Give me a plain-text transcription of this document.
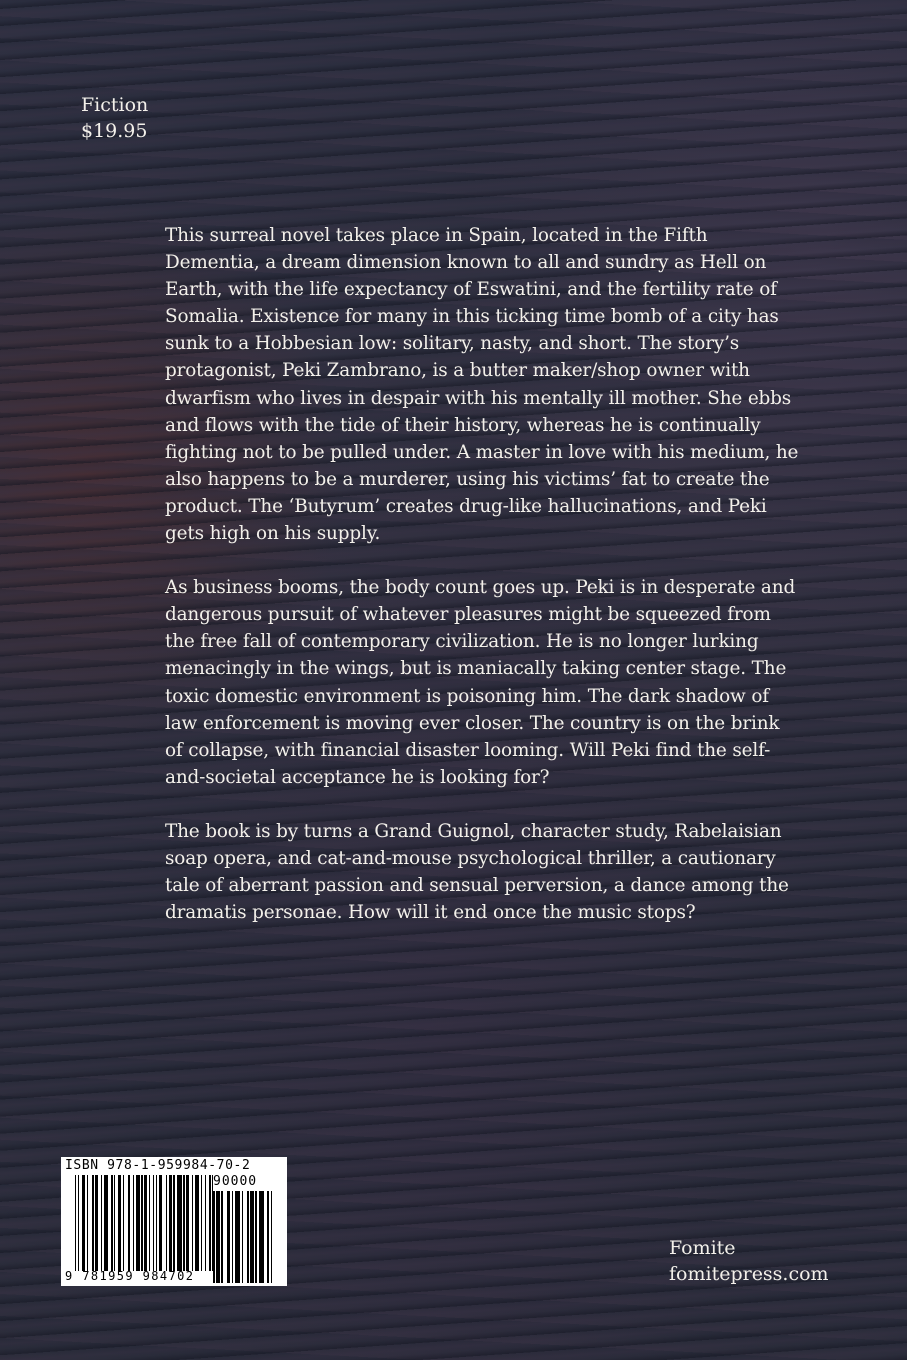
Fiction
$19.95

This surreal novel takes place in Spain, located in the Fifth Dementia, a dream dimension known to all and sundry as Hell on Earth, with the life expectancy of Eswatini, and the fertility rate of Somalia. Existence for many in this ticking time bomb of a city has sunk to a Hobbesian low: solitary, nasty, and short. The story’s protagonist, Peki Zambrano, is a butter maker/shop owner with dwarfism who lives in despair with his mentally ill mother. She ebbs and flows with the tide of their history, whereas he is continually fighting not to be pulled under. A master in love with his medium, he also happens to be a murderer, using his victims’ fat to create the product. The ‘Butyrum’ creates drug-like hallucinations, and Peki gets high on his supply.

As business booms, the body count goes up. Peki is in desperate and dangerous pursuit of whatever pleasures might be squeezed from the free fall of contemporary civilization. He is no longer lurking menacingly in the wings, but is maniacally taking center stage. The toxic domestic environment is poisoning him. The dark shadow of law enforcement is moving ever closer. The country is on the brink of collapse, with financial disaster looming. Will Peki find the self-and-societal acceptance he is looking for?

The book is by turns a Grand Guignol, character study, Rabelaisian soap opera, and cat-and-mouse psychological thriller, a cautionary tale of aberrant passion and sensual perversion, a dance among the dramatis personae. How will it end once the music stops?

ISBN 978-1-959984-70-2
90000
9 781959 984702
Fomite
fomitepress.com
